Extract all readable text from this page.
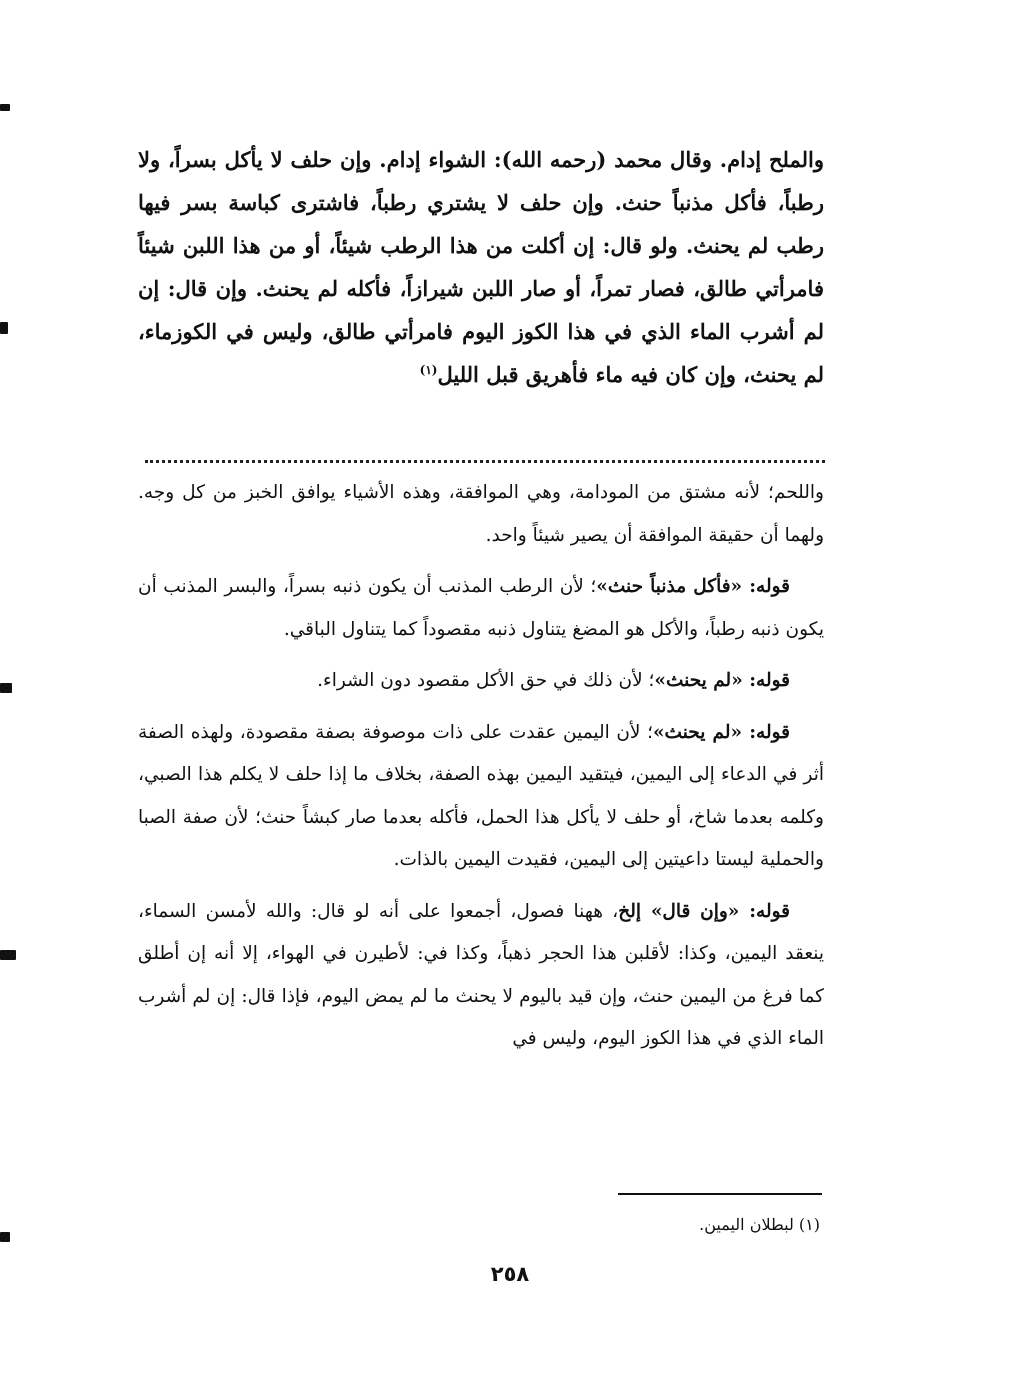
والملح إدام. وقال محمد (رحمه الله): الشواء إدام. وإن حلف لا يأكل بسراً، ولا رطباً، فأكل مذنباً حنث. وإن حلف لا يشتري رطباً، فاشترى كباسة بسر فيها رطب لم يحنث. ولو قال: إن أكلت من هذا الرطب شيئاً، أو من هذا اللبن شيئاً فامرأتي طالق، فصار تمراً، أو صار اللبن شيرازاً، فأكله لم يحنث. وإن قال: إن لم أشرب الماء الذي في هذا الكوز اليوم فامرأتي طالق، وليس في الكوزماء، لم يحنث، وإن كان فيه ماء فأهريق قبل الليل$^{(١)}$

واللحم؛ لأنه مشتق من المودامة، وهي الموافقة، وهذه الأشياء يوافق الخبز من كل وجه. ولهما أن حقيقة الموافقة أن يصير شيئاً واحد.

قوله: «فأكل مذنباً حنث»؛ لأن الرطب المذنب أن يكون ذنبه بسراً، والبسر المذنب أن يكون ذنبه رطباً، والأكل هو المضغ يتناول ذنبه مقصوداً كما يتناول الباقي.

قوله: «لم يحنث»؛ لأن ذلك في حق الأكل مقصود دون الشراء.

قوله: «لم يحنث»؛ لأن اليمين عقدت على ذات موصوفة بصفة مقصودة، ولهذه الصفة أثر في الدعاء إلى اليمين، فيتقيد اليمين بهذه الصفة، بخلاف ما إذا حلف لا يكلم هذا الصبي، وكلمه بعدما شاخ، أو حلف لا يأكل هذا الحمل، فأكله بعدما صار كبشاً حنث؛ لأن صفة الصبا والحملية ليستا داعيتين إلى اليمين، فقيدت اليمين بالذات.

قوله: «وإن قال» إلخ، ههنا فصول، أجمعوا على أنه لو قال: والله لأمسن السماء، ينعقد اليمين، وكذا: لأقلبن هذا الحجر ذهباً، وكذا في: لأطيرن في الهواء، إلا أنه إن أطلق كما فرغ من اليمين حنث، وإن قيد باليوم لا يحنث ما لم يمض اليوم، فإذا قال: إن لم أشرب الماء الذي في هذا الكوز اليوم، وليس في

(١) لبطلان اليمين.
٢٥٨
